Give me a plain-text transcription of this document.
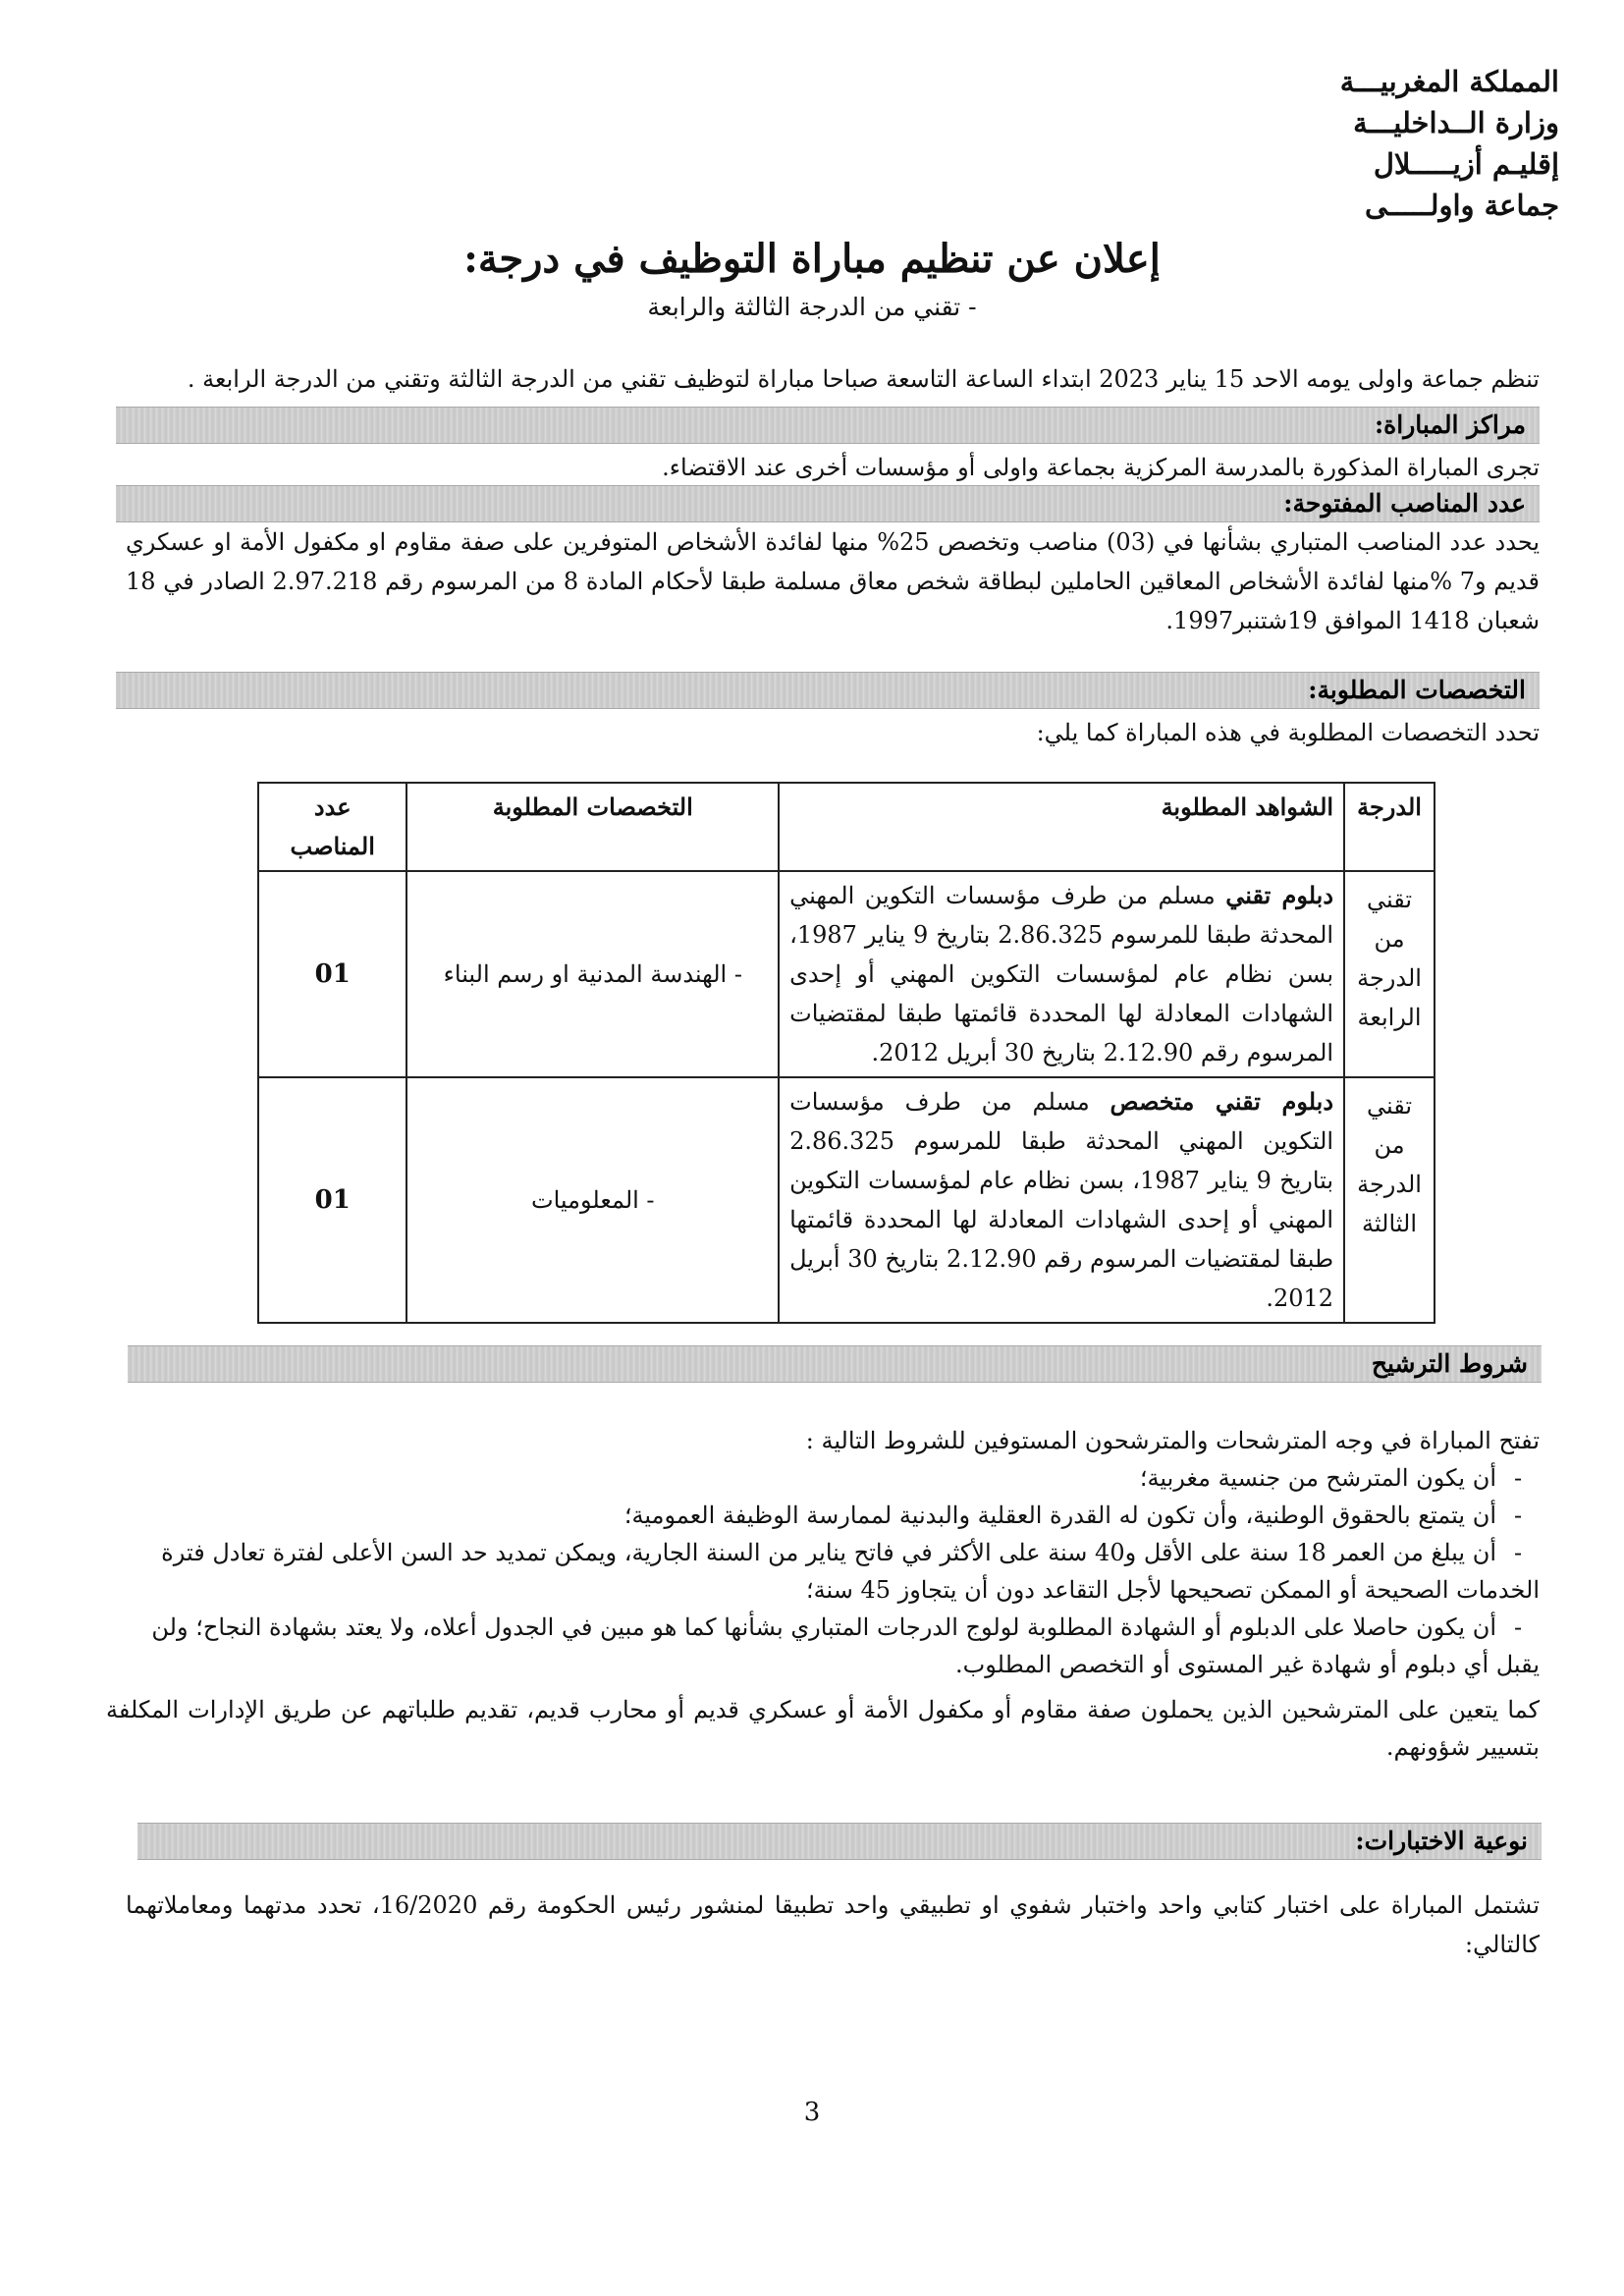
المملكة المغربيـــة
وزارة الــداخليـــة
إقليـم أزيـــــلال
جماعة واولـــــى
إعلان عن تنظيم مباراة التوظيف في درجة:
- تقني من الدرجة الثالثة والرابعة
تنظم جماعة واولى يومه الاحد 15 يناير 2023 ابتداء الساعة التاسعة صباحا مباراة لتوظيف تقني من الدرجة الثالثة وتقني من الدرجة الرابعة .
مراكز المباراة:
تجرى المباراة المذكورة بالمدرسة المركزية بجماعة واولى أو مؤسسات أخرى عند الاقتضاء.
عدد المناصب المفتوحة:
يحدد عدد المناصب المتباري بشأنها في (03) مناصب وتخصص 25% منها لفائدة الأشخاص المتوفرين على صفة مقاوم او مكفول الأمة او عسكري قديم و7 %منها لفائدة الأشخاص المعاقين الحاملين لبطاقة شخص معاق مسلمة طبقا لأحكام المادة 8 من المرسوم رقم 2.97.218 الصادر في 18 شعبان 1418 الموافق 19شتنبر1997.
التخصصات المطلوبة:
تحدد التخصصات المطلوبة في هذه المباراة كما يلي:
الدرجة	الشواهد المطلوبة	التخصصات المطلوبة	عدد المناصب
تقني من الدرجة الرابعة	دبلوم تقني مسلم من طرف مؤسسات التكوين المهني المحدثة طبقا للمرسوم 2.86.325 بتاريخ 9 يناير 1987، بسن نظام عام لمؤسسات التكوين المهني أو إحدى الشهادات المعادلة لها المحددة قائمتها طبقا لمقتضيات المرسوم رقم 2.12.90 بتاريخ 30 أبريل 2012.	- الهندسة المدنية او رسم البناء	01
تقني من الدرجة الثالثة	دبلوم تقني متخصص مسلم من طرف مؤسسات التكوين المهني المحدثة طبقا للمرسوم 2.86.325 بتاريخ 9 يناير 1987، بسن نظام عام لمؤسسات التكوين المهني أو إحدى الشهادات المعادلة لها المحددة قائمتها طبقا لمقتضيات المرسوم رقم 2.12.90 بتاريخ 30 أبريل 2012.	- المعلوميات	01
شروط الترشيح
تفتح المباراة في وجه المترشحات والمترشحون المستوفين للشروط التالية :
-أن يكون المترشح من جنسية مغربية؛
-أن يتمتع بالحقوق الوطنية، وأن تكون له القدرة العقلية والبدنية لممارسة الوظيفة العمومية؛
-أن يبلغ من العمر 18 سنة على الأقل و40 سنة على الأكثر في فاتح يناير من السنة الجارية، ويمكن تمديد حد السن الأعلى لفترة تعادل فترة الخدمات الصحيحة أو الممكن تصحيحها لأجل التقاعد دون أن يتجاوز 45 سنة؛
-أن يكون حاصلا على الدبلوم أو الشهادة المطلوبة لولوج الدرجات المتباري بشأنها كما هو مبين في الجدول أعلاه، ولا يعتد بشهادة النجاح؛ ولن يقبل أي دبلوم أو شهادة غير المستوى أو التخصص المطلوب.
كما يتعين على المترشحين الذين يحملون صفة مقاوم أو مكفول الأمة أو عسكري قديم أو محارب قديم، تقديم طلباتهم عن طريق الإدارات المكلفة بتسيير شؤونهم.
نوعية الاختبارات:
تشتمل المباراة على اختبار كتابي واحد واختبار شفوي او تطبيقي واحد تطبيقا لمنشور رئيس الحكومة رقم 16/2020، تحدد مدتهما ومعاملاتهما كالتالي:
3
